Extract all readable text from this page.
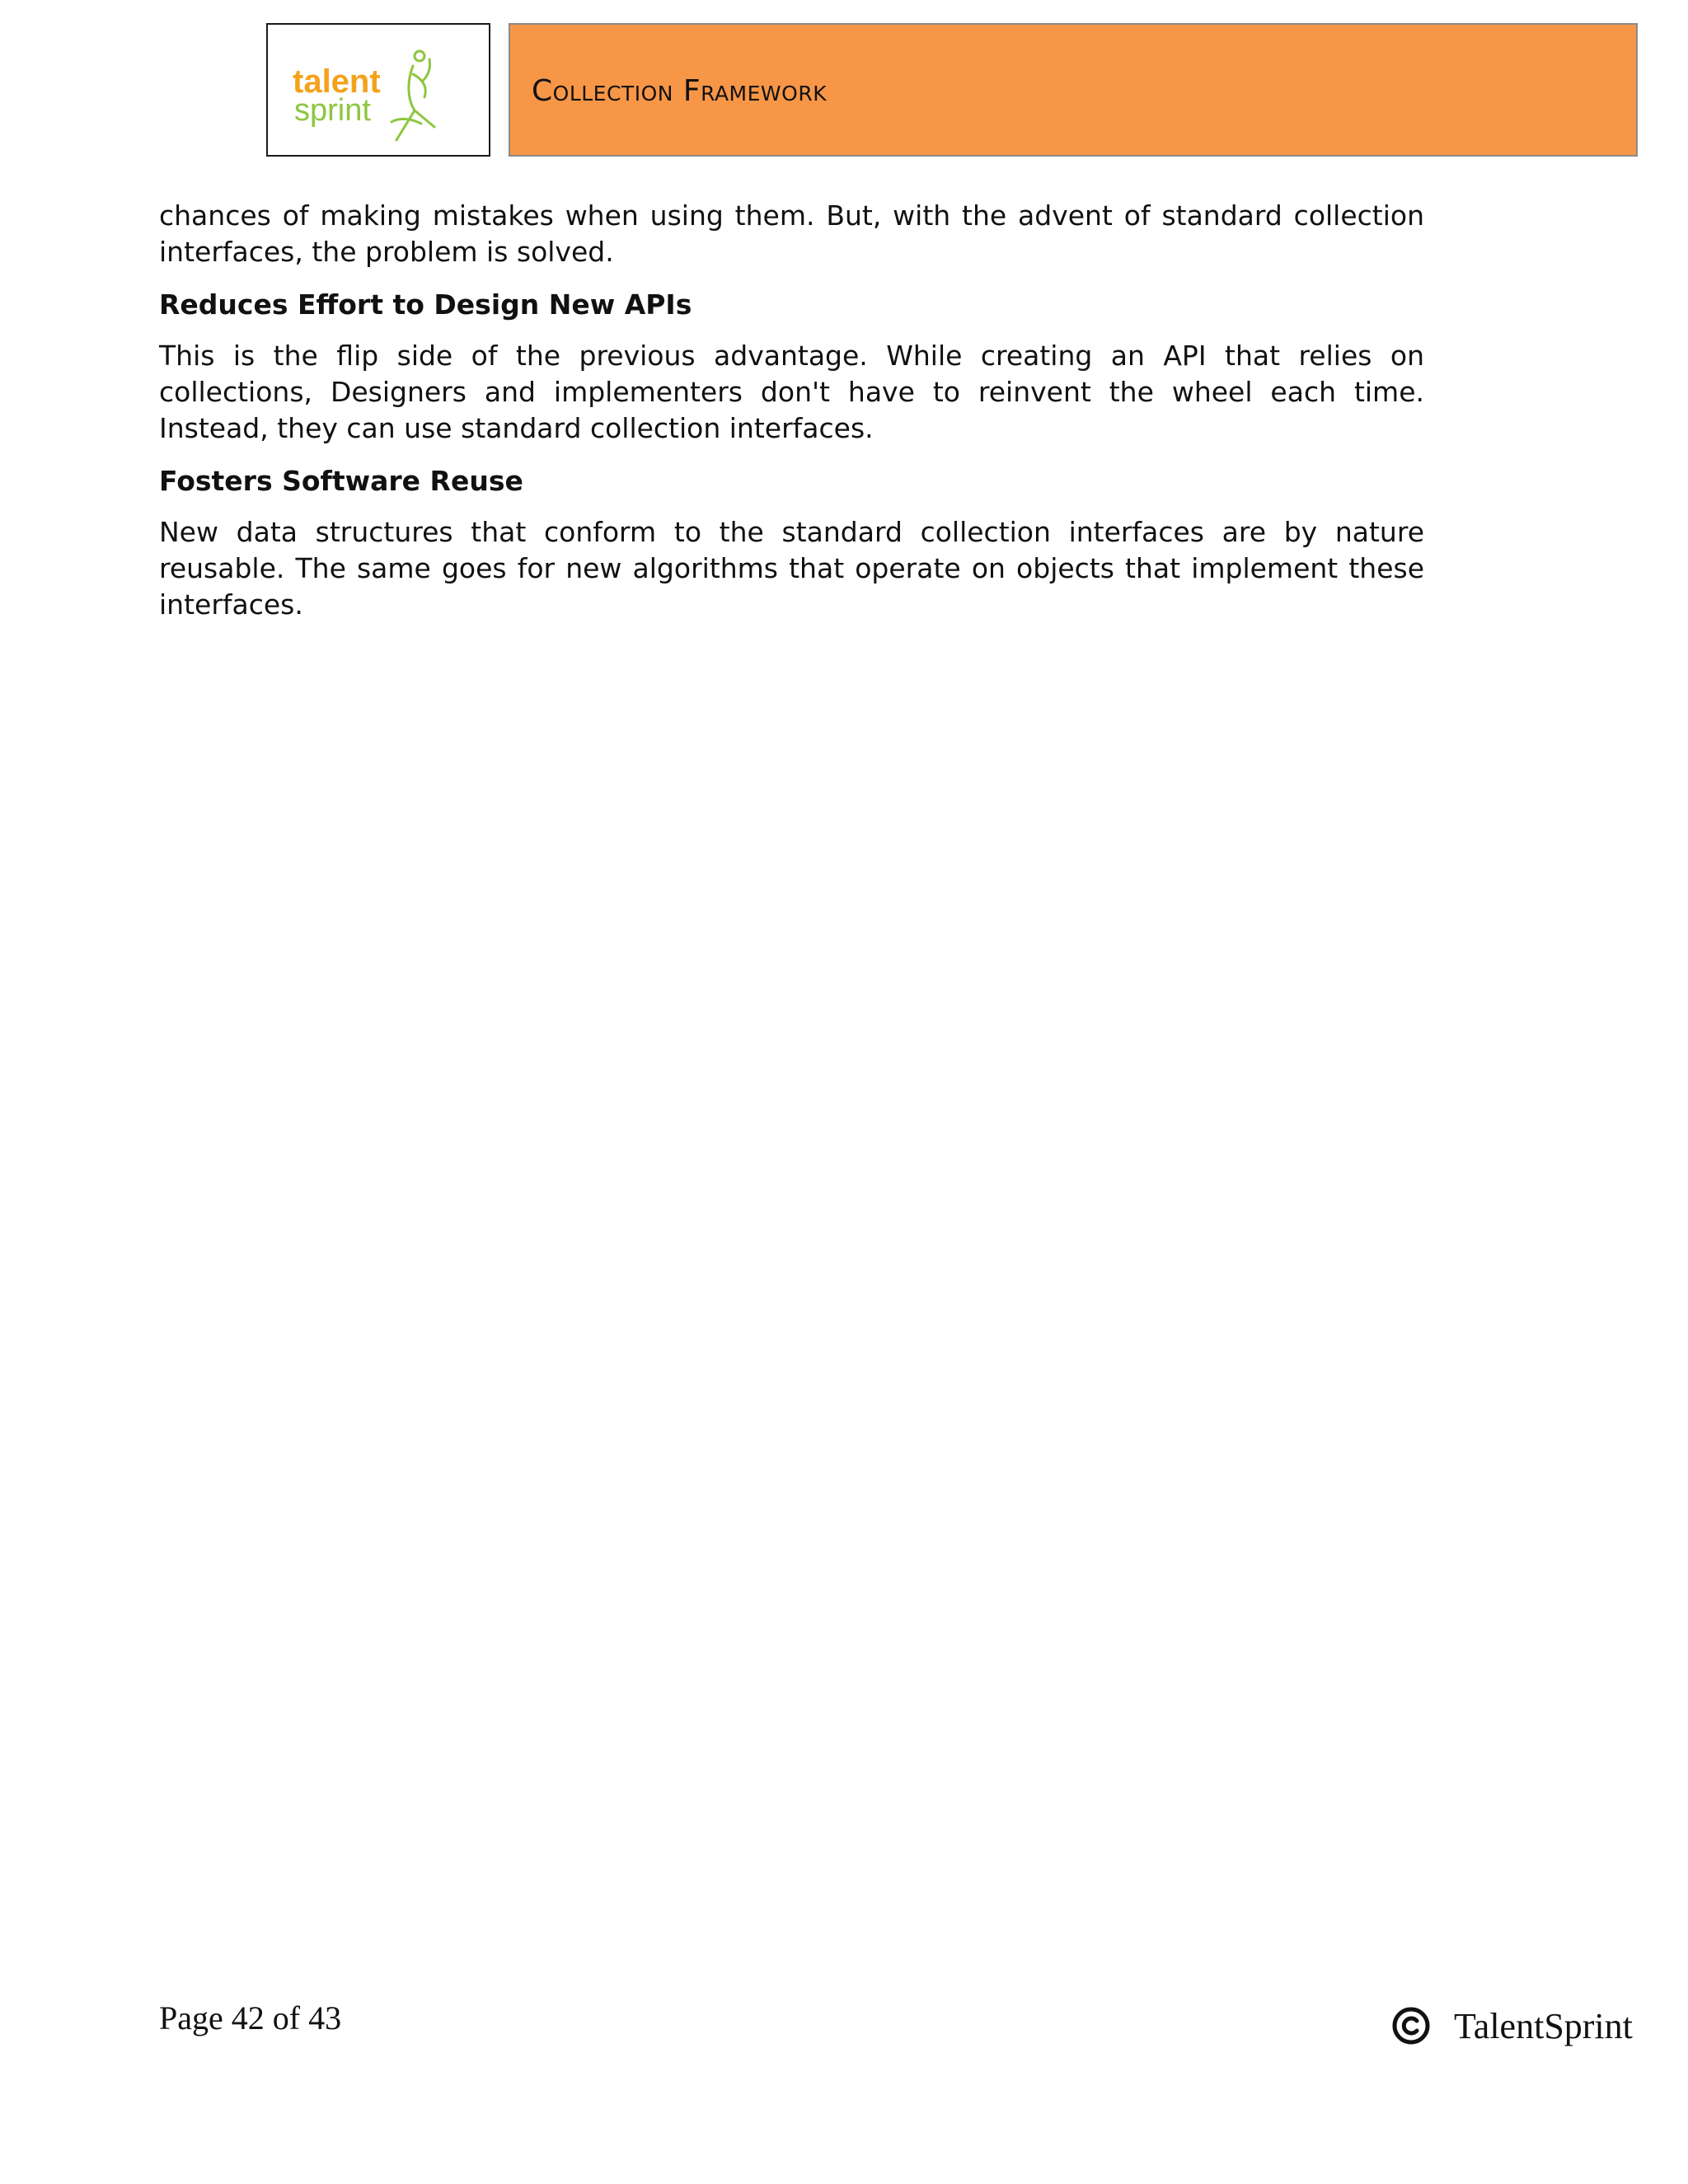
talent
sprint
Collection Framework

chances of making mistakes when using them. But, with the advent of standard collection interfaces, the problem is solved.

Reduces Effort to Design New APIs

This is the flip side of the previous advantage. While creating an API that relies on collections, Designers and implementers don't have to reinvent the wheel each time. Instead, they can use standard collection interfaces.

Fosters Software Reuse

New data structures that conform to the standard collection interfaces are by nature reusable. The same goes for new algorithms that operate on objects that implement these interfaces.

Page 42 of 43	TalentSprint
